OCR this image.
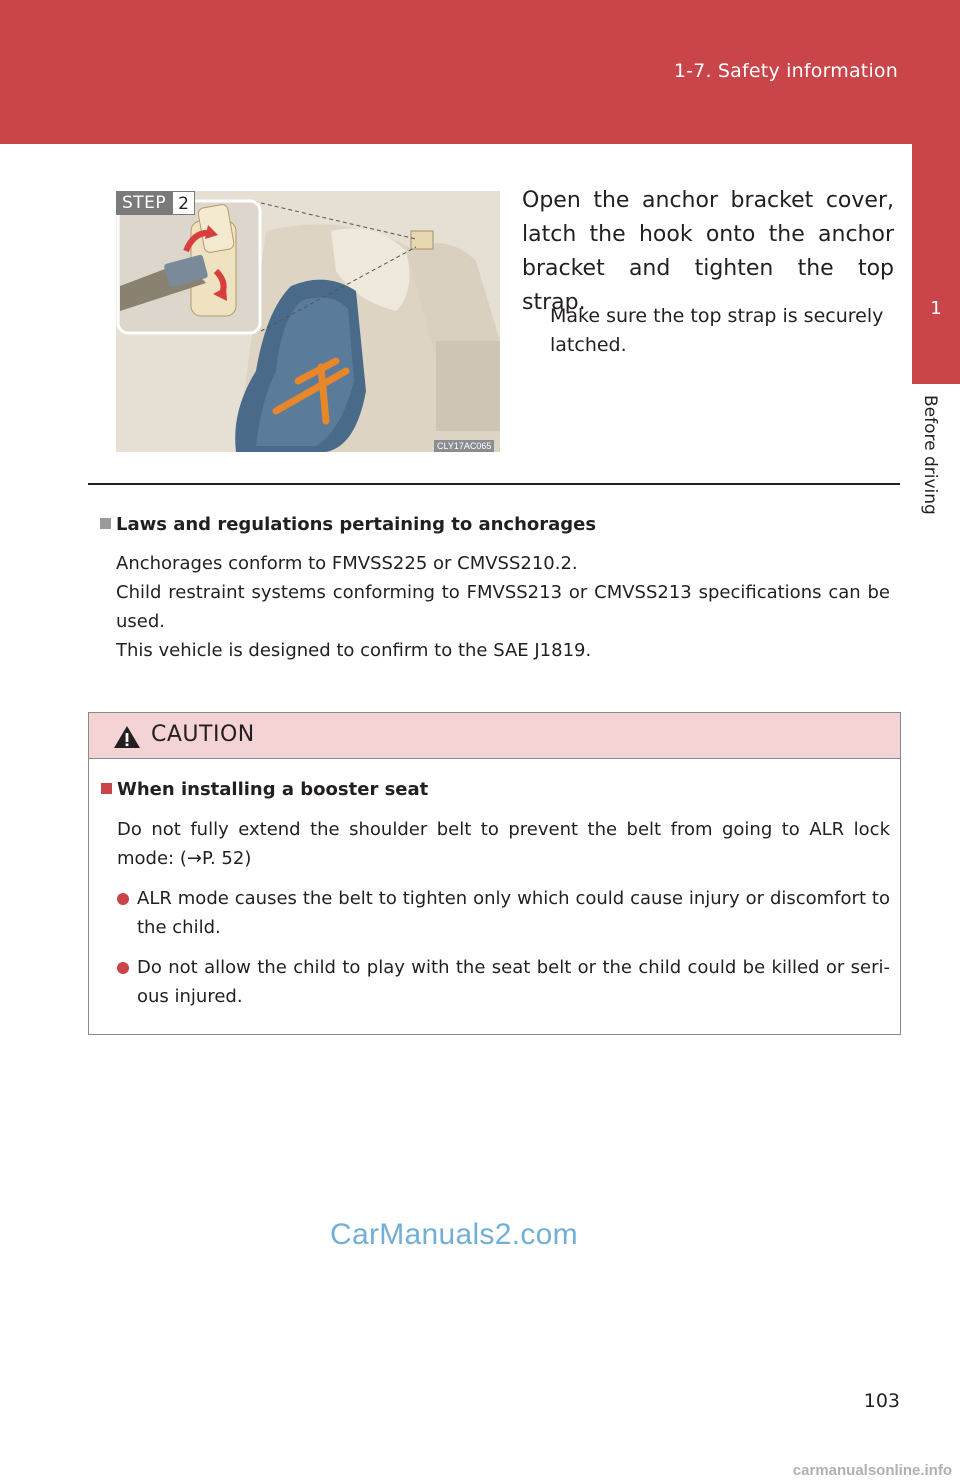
1-7. Safety information
1
Before driving
STEP 2
CLY17AC065
Open the anchor bracket cover, latch the hook onto the anchor bracket and tighten the top strap.
Make sure the top strap is securely latched.
Laws and regulations pertaining to anchorages

Anchorages conform to FMVSS225 or CMVSS210.2.

Child restraint systems conforming to FMVSS213 or CMVSS213 specifications can be used.

This vehicle is designed to confirm to the SAE J1819.

CAUTION
When installing a booster seat
Do not fully extend the shoulder belt to prevent the belt from going to ALR lock mode: (→P. 52)
ALR mode causes the belt to tighten only which could cause injury or discomfort to the child.
Do not allow the child to play with the seat belt or the child could be killed or seri-ous injured.
CarManuals2.com
103
carmanualsonline.info
